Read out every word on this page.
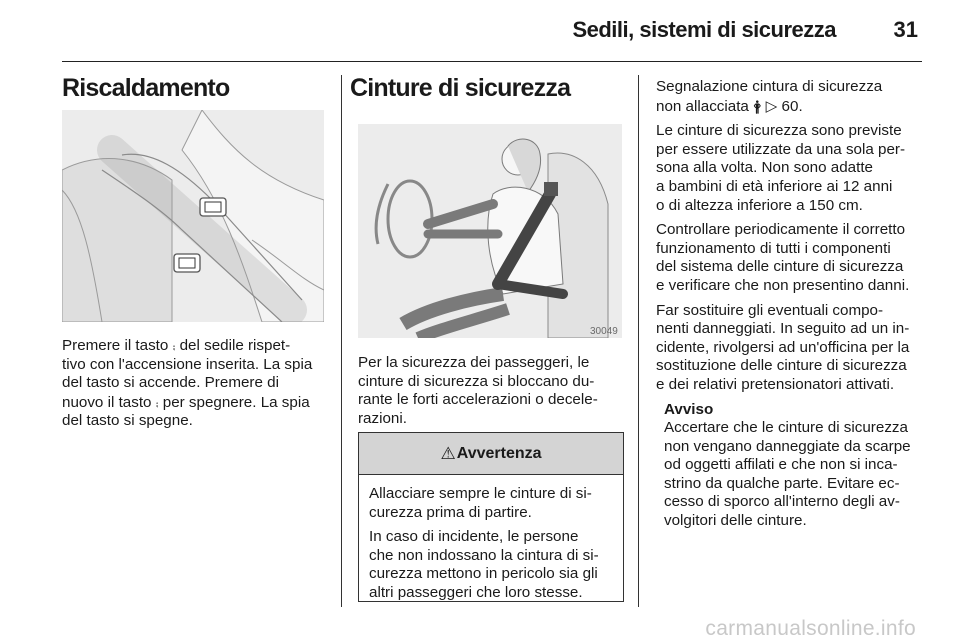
Sedili, sistemi di sicurezza	31
Riscaldamento

Premere il tasto ⨾ del sedile rispet-
tivo con l'accensione inserita. La spia
del tasto si accende. Premere di
nuovo il tasto ⨾ per spegnere. La spia
del tasto si spegne.

Cinture di sicurezza
30049

Per la sicurezza dei passeggeri, le
cinture di sicurezza si bloccano du-
rante le forti accelerazioni o decele-
razioni.

⚠ Avvertenza

Allacciare sempre le cinture di si-
curezza prima di partire.

In caso di incidente, le persone
che non indossano la cintura di si-
curezza mettono in pericolo sia gli
altri passeggeri che loro stesse.

Segnalazione cintura di sicurezza
non allacciata 🛉 ▷ 60.

Le cinture di sicurezza sono previste
per essere utilizzate da una sola per-
sona alla volta. Non sono adatte
a bambini di età inferiore ai 12 anni
o di altezza inferiore a 150 cm.

Controllare periodicamente il corretto
funzionamento di tutti i componenti
del sistema delle cinture di sicurezza
e verificare che non presentino danni.

Far sostituire gli eventuali compo-
nenti danneggiati. In seguito ad un in-
cidente, rivolgersi ad un'officina per la
sostituzione delle cinture di sicurezza
e dei relativi pretensionatori attivati.

Avviso
Accertare che le cinture di sicurezza
non vengano danneggiate da scarpe
od oggetti affilati e che non si inca-
strino da qualche parte. Evitare ec-
cesso di sporco all'interno degli av-
volgitori delle cinture.
carmanualsonline.info
